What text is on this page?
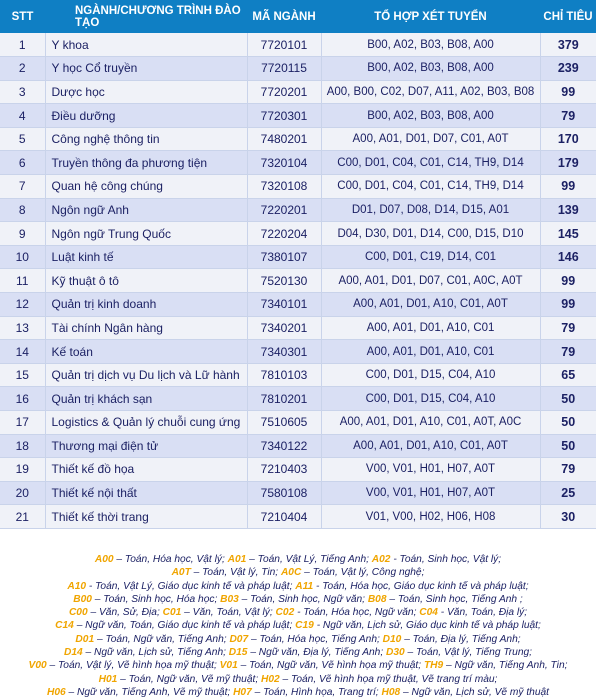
STT	NGÀNH/CHƯƠNG TRÌNH ĐÀO TẠO	MÃ NGÀNH	TỔ HỢP XÉT TUYỂN	CHỈ TIÊU
1	Y khoa	7720101	B00, A02, B03, B08, A00	379
2	Y học Cổ truyền	7720115	B00, A02, B03, B08, A00	239
3	Dược học	7720201	A00, B00, C02, D07, A11, A02, B03, B08	99
4	Điều dưỡng	7720301	B00, A02, B03, B08, A00	79
5	Công nghệ thông tin	7480201	A00, A01, D01, D07, C01, A0T	170
6	Truyền thông đa phương tiện	7320104	C00, D01, C04, C01, C14, TH9, D14	179
7	Quan hệ công chúng	7320108	C00, D01, C04, C01, C14, TH9, D14	99
8	Ngôn ngữ Anh	7220201	D01, D07, D08, D14, D15, A01	139
9	Ngôn ngữ Trung Quốc	7220204	D04, D30, D01, D14, C00, D15, D10	145
10	Luật kinh tế	7380107	C00, D01, C19, D14, C01	146
11	Kỹ thuật ô tô	7520130	A00, A01, D01, D07, C01, A0C, A0T	99
12	Quản trị kinh doanh	7340101	A00, A01, D01, A10, C01, A0T	99
13	Tài chính Ngân hàng	7340201	A00, A01, D01, A10, C01	79
14	Kế toán	7340301	A00, A01, D01, A10, C01	79
15	Quản trị dịch vụ Du lịch và Lữ hành	7810103	C00, D01, D15, C04, A10	65
16	Quản trị khách sạn	7810201	C00, D01, D15, C04, A10	50
17	Logistics & Quản lý chuỗi cung ứng	7510605	A00, A01, D01, A10, C01, A0T, A0C	50
18	Thương mại điện tử	7340122	A00, A01, D01, A10, C01, A0T	50
19	Thiết kế đồ họa	7210403	V00, V01, H01, H07, A0T	79
20	Thiết kế nội thất	7580108	V00, V01, H01, H07, A0T	25
21	Thiết kế thời trang	7210404	V01, V00, H02, H06, H08	30
A00 – Toán, Hóa học, Vật lý; A01 – Toán, Vật Lý, Tiếng Anh; A02 - Toán, Sinh học, Vật lý;
A0T – Toán, Vật lý, Tin; A0C – Toán, Vật lý, Công nghệ;
A10 - Toán, Vật Lý, Giáo dục kinh tế và pháp luật; A11 - Toán, Hóa học, Giáo dục kinh tế và pháp luật;
B00 – Toán, Sinh học, Hóa học; B03 – Toán, Sinh học, Ngữ văn; B08 – Toán, Sinh học, Tiếng Anh ;
C00 – Văn, Sử, Địa; C01 – Văn, Toán, Vật lý; C02 - Toán, Hóa học, Ngữ văn; C04 - Văn, Toán, Địa lý;
C14 – Ngữ văn, Toán, Giáo dục kinh tế và pháp luật; C19 - Ngữ văn, Lịch sử, Giáo dục kinh tế và pháp luật;
D01 – Toán, Ngữ văn, Tiếng Anh; D07 – Toán, Hóa học, Tiếng Anh; D10 – Toán, Địa lý, Tiếng Anh;
D14 – Ngữ văn, Lịch sử, Tiếng Anh; D15 – Ngữ văn, Địa lý, Tiếng Anh; D30 – Toán, Vật lý, Tiếng Trung;
V00 – Toán, Vật lý, Vẽ hình họa mỹ thuật; V01 – Toán, Ngữ văn, Vẽ hình họa mỹ thuật; TH9 – Ngữ văn, Tiếng Anh, Tin;
H01 – Toán, Ngữ văn, Vẽ mỹ thuật; H02 – Toán, Vẽ hình họa mỹ thuật, Vẽ trang trí màu;
H06 – Ngữ văn, Tiếng Anh, Vẽ mỹ thuật; H07 – Toán, Hình họa, Trang trí; H08 – Ngữ văn, Lịch sử, Vẽ mỹ thuật
